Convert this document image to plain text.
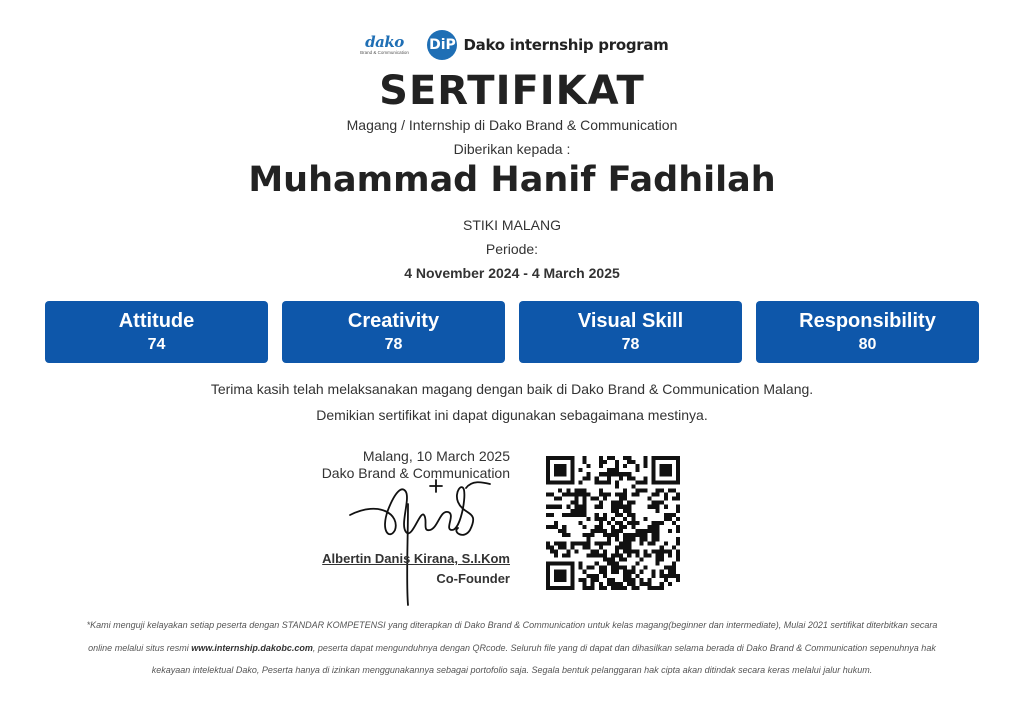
dako
Brand & Communication DiP Dako internship program
SERTIFIKAT
Magang / Internship di Dako Brand & Communication
Diberikan kepada :
Muhammad Hanif Fadhilah
STIKI MALANG
Periode:
4 November 2024 - 4 March 2025
Attitude
74
Creativity
78
Visual Skill
78
Responsibility
80
Terima kasih telah melaksanakan magang dengan baik di Dako Brand & Communication Malang.
Demikian sertifikat ini dapat digunakan sebagaimana mestinya.
Malang, 10 March 2025
Dako Brand & Communication
Albertin Danis Kirana, S.I.Kom
Co-Founder
*Kami menguji kelayakan setiap peserta dengan STANDAR KOMPETENSI yang diterapkan di Dako Brand & Communication untuk kelas magang(beginner dan intermediate), Mulai 2021 sertifikat diterbitkan secara online melalui situs resmi www.internship.dakobc.com, peserta dapat mengunduhnya dengan QRcode. Seluruh file yang di dapat dan dihasilkan selama berada di Dako Brand & Communication sepenuhnya hak kekayaan intelektual Dako, Peserta hanya di izinkan menggunakannya sebagai portofolio saja. Segala bentuk pelanggaran hak cipta akan ditindak secara keras melalui jalur hukum.
